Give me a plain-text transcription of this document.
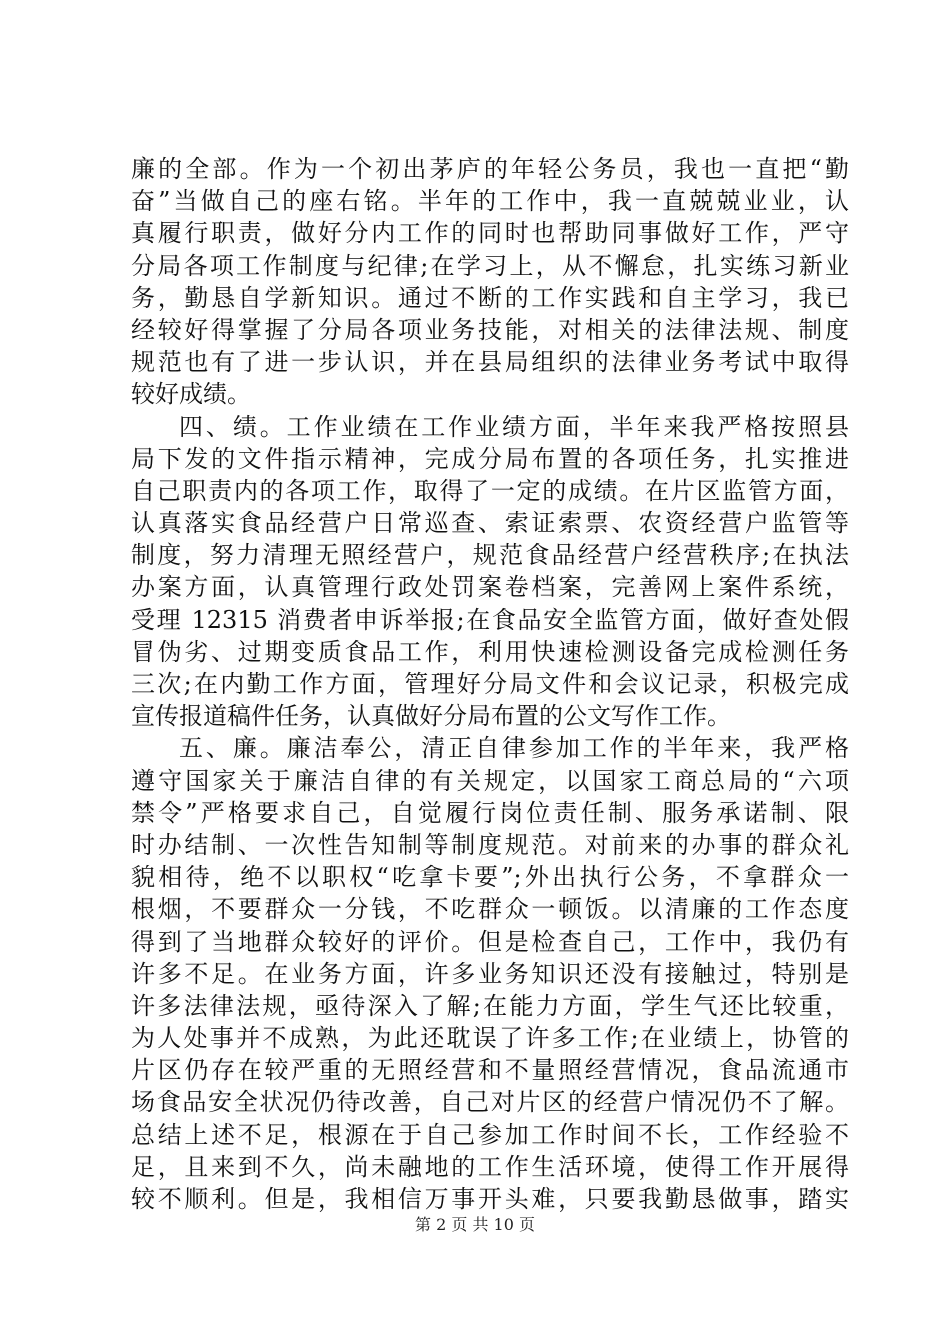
廉的全部。作为一个初出茅庐的年轻公务员，我也一直把“勤
奋”当做自己的座右铭。半年的工作中，我一直兢兢业业，认
真履行职责，做好分内工作的同时也帮助同事做好工作，严守
分局各项工作制度与纪律;在学习上，从不懈怠，扎实练习新业
务，勤恳自学新知识。通过不断的工作实践和自主学习，我已
经较好得掌握了分局各项业务技能，对相关的法律法规、制度
规范也有了进一步认识，并在县局组织的法律业务考试中取得
较好成绩。
四、绩。工作业绩在工作业绩方面，半年来我严格按照县
局下发的文件指示精神，完成分局布置的各项任务，扎实推进
自己职责内的各项工作，取得了一定的成绩。在片区监管方面，
认真落实食品经营户日常巡查、索证索票、农资经营户监管等
制度，努力清理无照经营户，规范食品经营户经营秩序;在执法
办案方面，认真管理行政处罚案卷档案，完善网上案件系统，
受理 12315 消费者申诉举报;在食品安全监管方面，做好查处假
冒伪劣、过期变质食品工作，利用快速检测设备完成检测任务
三次;在内勤工作方面，管理好分局文件和会议记录，积极完成
宣传报道稿件任务，认真做好分局布置的公文写作工作。
五、廉。廉洁奉公，清正自律参加工作的半年来，我严格
遵守国家关于廉洁自律的有关规定，以国家工商总局的“六项
禁令”严格要求自己，自觉履行岗位责任制、服务承诺制、限
时办结制、一次性告知制等制度规范。对前来的办事的群众礼
貌相待，绝不以职权“吃拿卡要”;外出执行公务，不拿群众一
根烟，不要群众一分钱，不吃群众一顿饭。以清廉的工作态度
得到了当地群众较好的评价。但是检查自己，工作中，我仍有
许多不足。在业务方面，许多业务知识还没有接触过，特别是
许多法律法规，亟待深入了解;在能力方面，学生气还比较重，
为人处事并不成熟，为此还耽误了许多工作;在业绩上，协管的
片区仍存在较严重的无照经营和不量照经营情况，食品流通市
场食品安全状况仍待改善，自己对片区的经营户情况仍不了解。
总结上述不足，根源在于自己参加工作时间不长，工作经验不
足，且来到不久，尚未融地的工作生活环境，使得工作开展得
较不顺利。但是，我相信万事开头难，只要我勤恳做事，踏实
第 2 页 共 10 页
